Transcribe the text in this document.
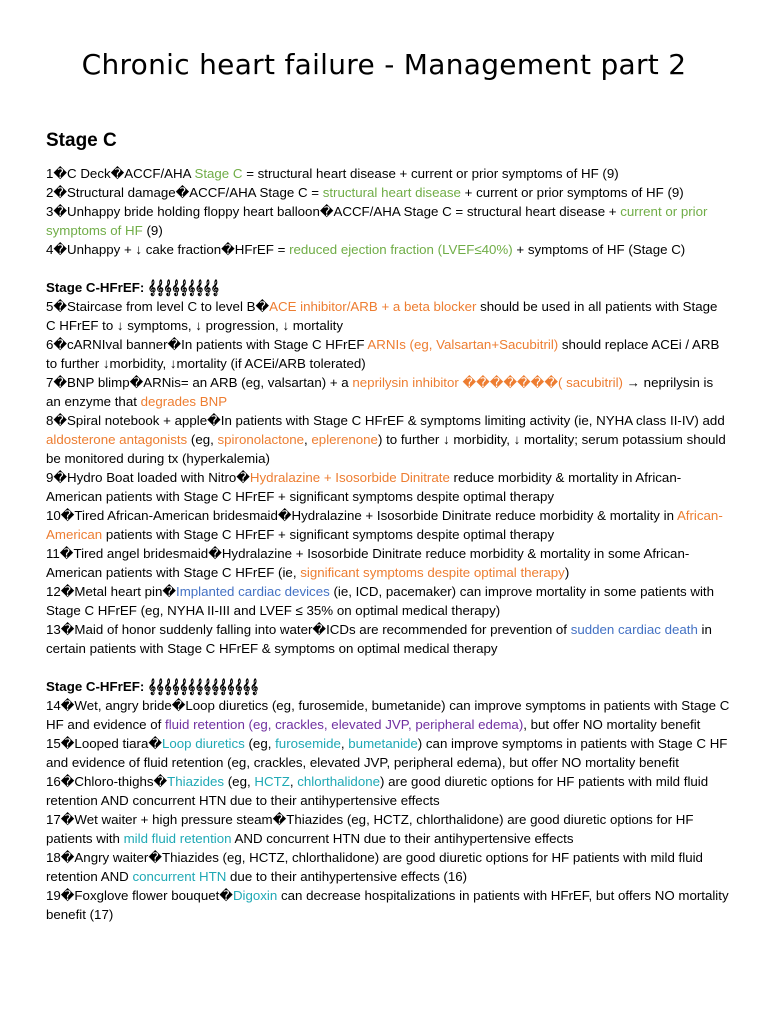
Chronic heart failure - Management part 2
Stage C

1�C Deck�ACCF/AHA Stage C = structural heart disease + current or prior symptoms of HF (9)

2�Structural damage�ACCF/AHA Stage C = structural heart disease + current or prior symptoms of HF (9)

3�Unhappy bride holding floppy heart balloon�ACCF/AHA Stage C = structural heart disease + current or prior symptoms of HF (9)

4�Unhappy + ↓ cake fraction�HFrEF = reduced ejection fraction (LVEF≤40%) + symptoms of HF (Stage C)

Stage C-HFrEF: 𝄞𝄞𝄞𝄞𝄞𝄞𝄞𝄞𝄞

5�Staircase from level C to level B�ACE inhibitor/ARB + a beta blocker should be used in all patients with Stage C HFrEF to ↓ symptoms, ↓ progression, ↓ mortality

6�cARNIval banner�In patients with Stage C HFrEF ARNIs (eg, Valsartan+Sacubitril) should replace ACEi / ARB to further ↓morbidity, ↓mortality (if ACEi/ARB tolerated)

7�BNP blimp�ARNis= an ARB (eg, valsartan) + a neprilysin inhibitor �������( sacubitril) → neprilysin is an enzyme that degrades BNP

8�Spiral notebook + apple�In patients with Stage C HFrEF & symptoms limiting activity (ie, NYHA class II-IV) add aldosterone antagonists (eg, spironolactone, eplerenone) to further ↓ morbidity, ↓ mortality; serum potassium should be monitored during tx (hyperkalemia)

9�Hydro Boat loaded with Nitro�Hydralazine + Isosorbide Dinitrate reduce morbidity & mortality in African-American patients with Stage C HFrEF + significant symptoms despite optimal therapy

10�Tired African-American bridesmaid�Hydralazine + Isosorbide Dinitrate reduce morbidity & mortality in African-American patients with Stage C HFrEF + significant symptoms despite optimal therapy

11�Tired angel bridesmaid�Hydralazine + Isosorbide Dinitrate reduce morbidity & mortality in some African-American patients with Stage C HFrEF (ie, significant symptoms despite optimal therapy)

12�Metal heart pin�Implanted cardiac devices (ie, ICD, pacemaker) can improve mortality in some patients with Stage C HFrEF (eg, NYHA II-III and LVEF ≤ 35% on optimal medical therapy)

13�Maid of honor suddenly falling into water�ICDs are recommended for prevention of sudden cardiac death in certain patients with Stage C HFrEF & symptoms on optimal medical therapy

Stage C-HFrEF: 𝄞𝄞𝄞𝄞𝄞𝄞𝄞𝄞𝄞𝄞𝄞𝄞𝄞𝄞

14�Wet, angry bride�Loop diuretics (eg, furosemide, bumetanide) can improve symptoms in patients with Stage C HF and evidence of fluid retention (eg, crackles, elevated JVP, peripheral edema), but offer NO mortality benefit

15�Looped tiara�Loop diuretics (eg, furosemide, bumetanide) can improve symptoms in patients with Stage C HF and evidence of fluid retention (eg, crackles, elevated JVP, peripheral edema), but offer NO mortality benefit

16�Chloro-thighs�Thiazides (eg, HCTZ, chlorthalidone) are good diuretic options for HF patients with mild fluid retention AND concurrent HTN due to their antihypertensive effects

17�Wet waiter + high pressure steam�Thiazides (eg, HCTZ, chlorthalidone) are good diuretic options for HF patients with mild fluid retention AND concurrent HTN due to their antihypertensive effects

18�Angry waiter�Thiazides (eg, HCTZ, chlorthalidone) are good diuretic options for HF patients with mild fluid retention AND concurrent HTN due to their antihypertensive effects (16)

19�Foxglove flower bouquet�Digoxin can decrease hospitalizations in patients with HFrEF, but offers NO mortality benefit (17)
